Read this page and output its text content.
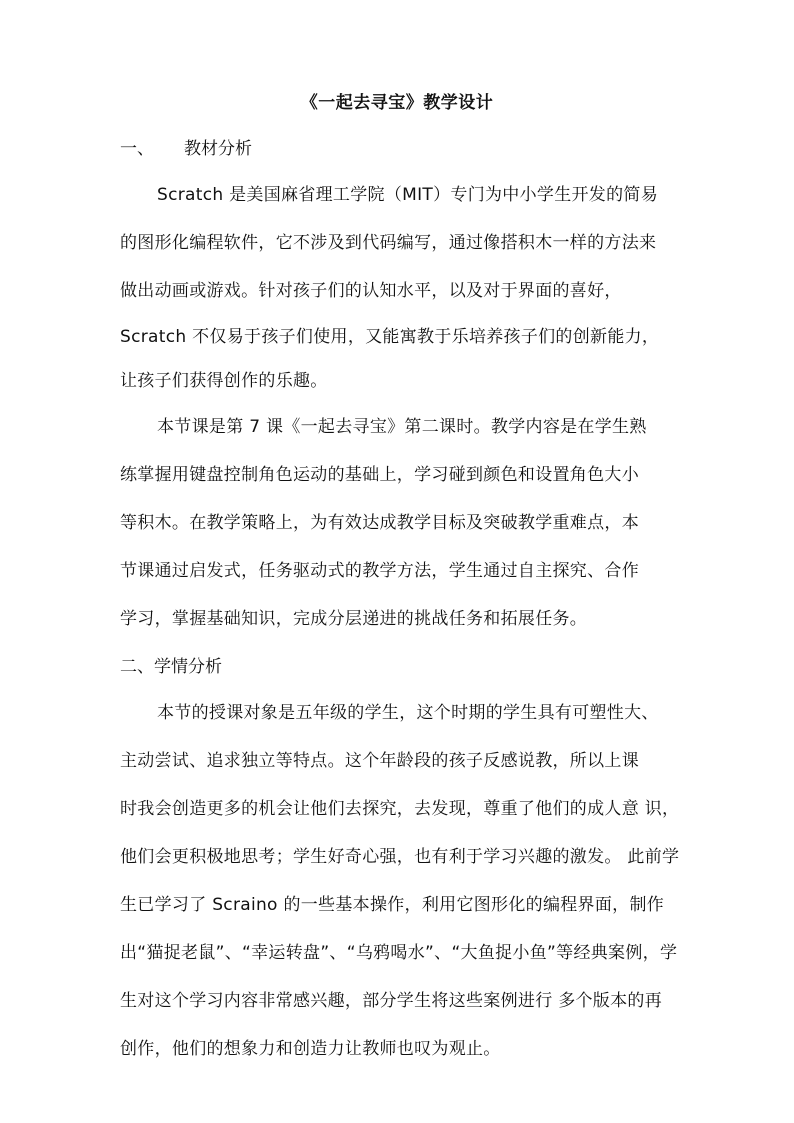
《一起去寻宝》教学设计
一、 教材分析
Scratch 是美国麻省理工学院（MIT）专门为中小学生开发的简易
的图形化编程软件，它不涉及到代码编写，通过像搭积木一样的方法来
做出动画或游戏。针对孩子们的认知水平，以及对于界面的喜好，
Scratch 不仅易于孩子们使用，又能寓教于乐培养孩子们的创新能力，
让孩子们获得创作的乐趣。
本节课是第 7 课《一起去寻宝》第二课时。教学内容是在学生熟
练掌握用键盘控制角色运动的基础上，学习碰到颜色和设置角色大小
等积木。在教学策略上，为有效达成教学目标及突破教学重难点，本
节课通过启发式，任务驱动式的教学方法，学生通过自主探究、合作
学习，掌握基础知识，完成分层递进的挑战任务和拓展任务。
二、学情分析
本节的授课对象是五年级的学生，这个时期的学生具有可塑性大、
主动尝试、追求独立等特点。这个年龄段的孩子反感说教，所以上课
时我会创造更多的机会让他们去探究，去发现，尊重了他们的成人意 识，
他们会更积极地思考；学生好奇心强，也有利于学习兴趣的激发。 此前学
生已学习了 Scraino 的一些基本操作，利用它图形化的编程界面，制作
出“猫捉老鼠”、“幸运转盘”、“乌鸦喝水”、“大鱼捉小鱼”等经典案例，学
生对这个学习内容非常感兴趣，部分学生将这些案例进行 多个版本的再
创作，他们的想象力和创造力让教师也叹为观止。
